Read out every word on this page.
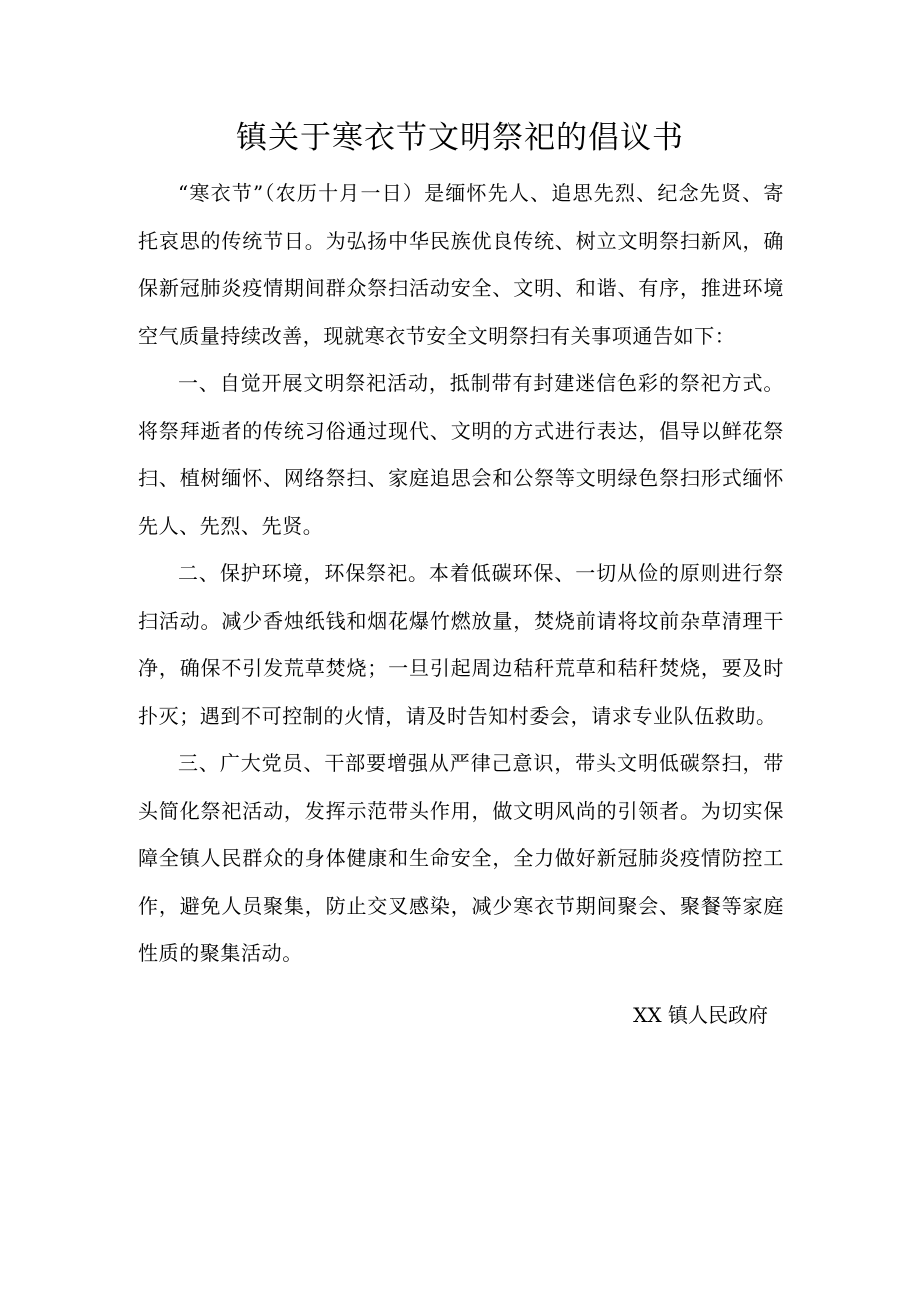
镇关于寒衣节文明祭祀的倡议书

“寒衣节”（农历十月一日）是缅怀先人、追思先烈、纪念先贤、寄托哀思的传统节日。为弘扬中华民族优良传统、树立文明祭扫新风，确保新冠肺炎疫情期间群众祭扫活动安全、文明、和谐、有序，推进环境空气质量持续改善，现就寒衣节安全文明祭扫有关事项通告如下：

一、自觉开展文明祭祀活动，抵制带有封建迷信色彩的祭祀方式。将祭拜逝者的传统习俗通过现代、文明的方式进行表达，倡导以鲜花祭扫、植树缅怀、网络祭扫、家庭追思会和公祭等文明绿色祭扫形式缅怀先人、先烈、先贤。

二、保护环境，环保祭祀。本着低碳环保、一切从俭的原则进行祭扫活动。减少香烛纸钱和烟花爆竹燃放量，焚烧前请将坟前杂草清理干净，确保不引发荒草焚烧；一旦引起周边秸秆荒草和秸秆焚烧，要及时扑灭；遇到不可控制的火情，请及时告知村委会，请求专业队伍救助。

三、广大党员、干部要增强从严律己意识，带头文明低碳祭扫，带头简化祭祀活动，发挥示范带头作用，做文明风尚的引领者。为切实保障全镇人民群众的身体健康和生命安全，全力做好新冠肺炎疫情防控工作，避免人员聚集，防止交叉感染，减少寒衣节期间聚会、聚餐等家庭性质的聚集活动。

XX 镇人民政府
